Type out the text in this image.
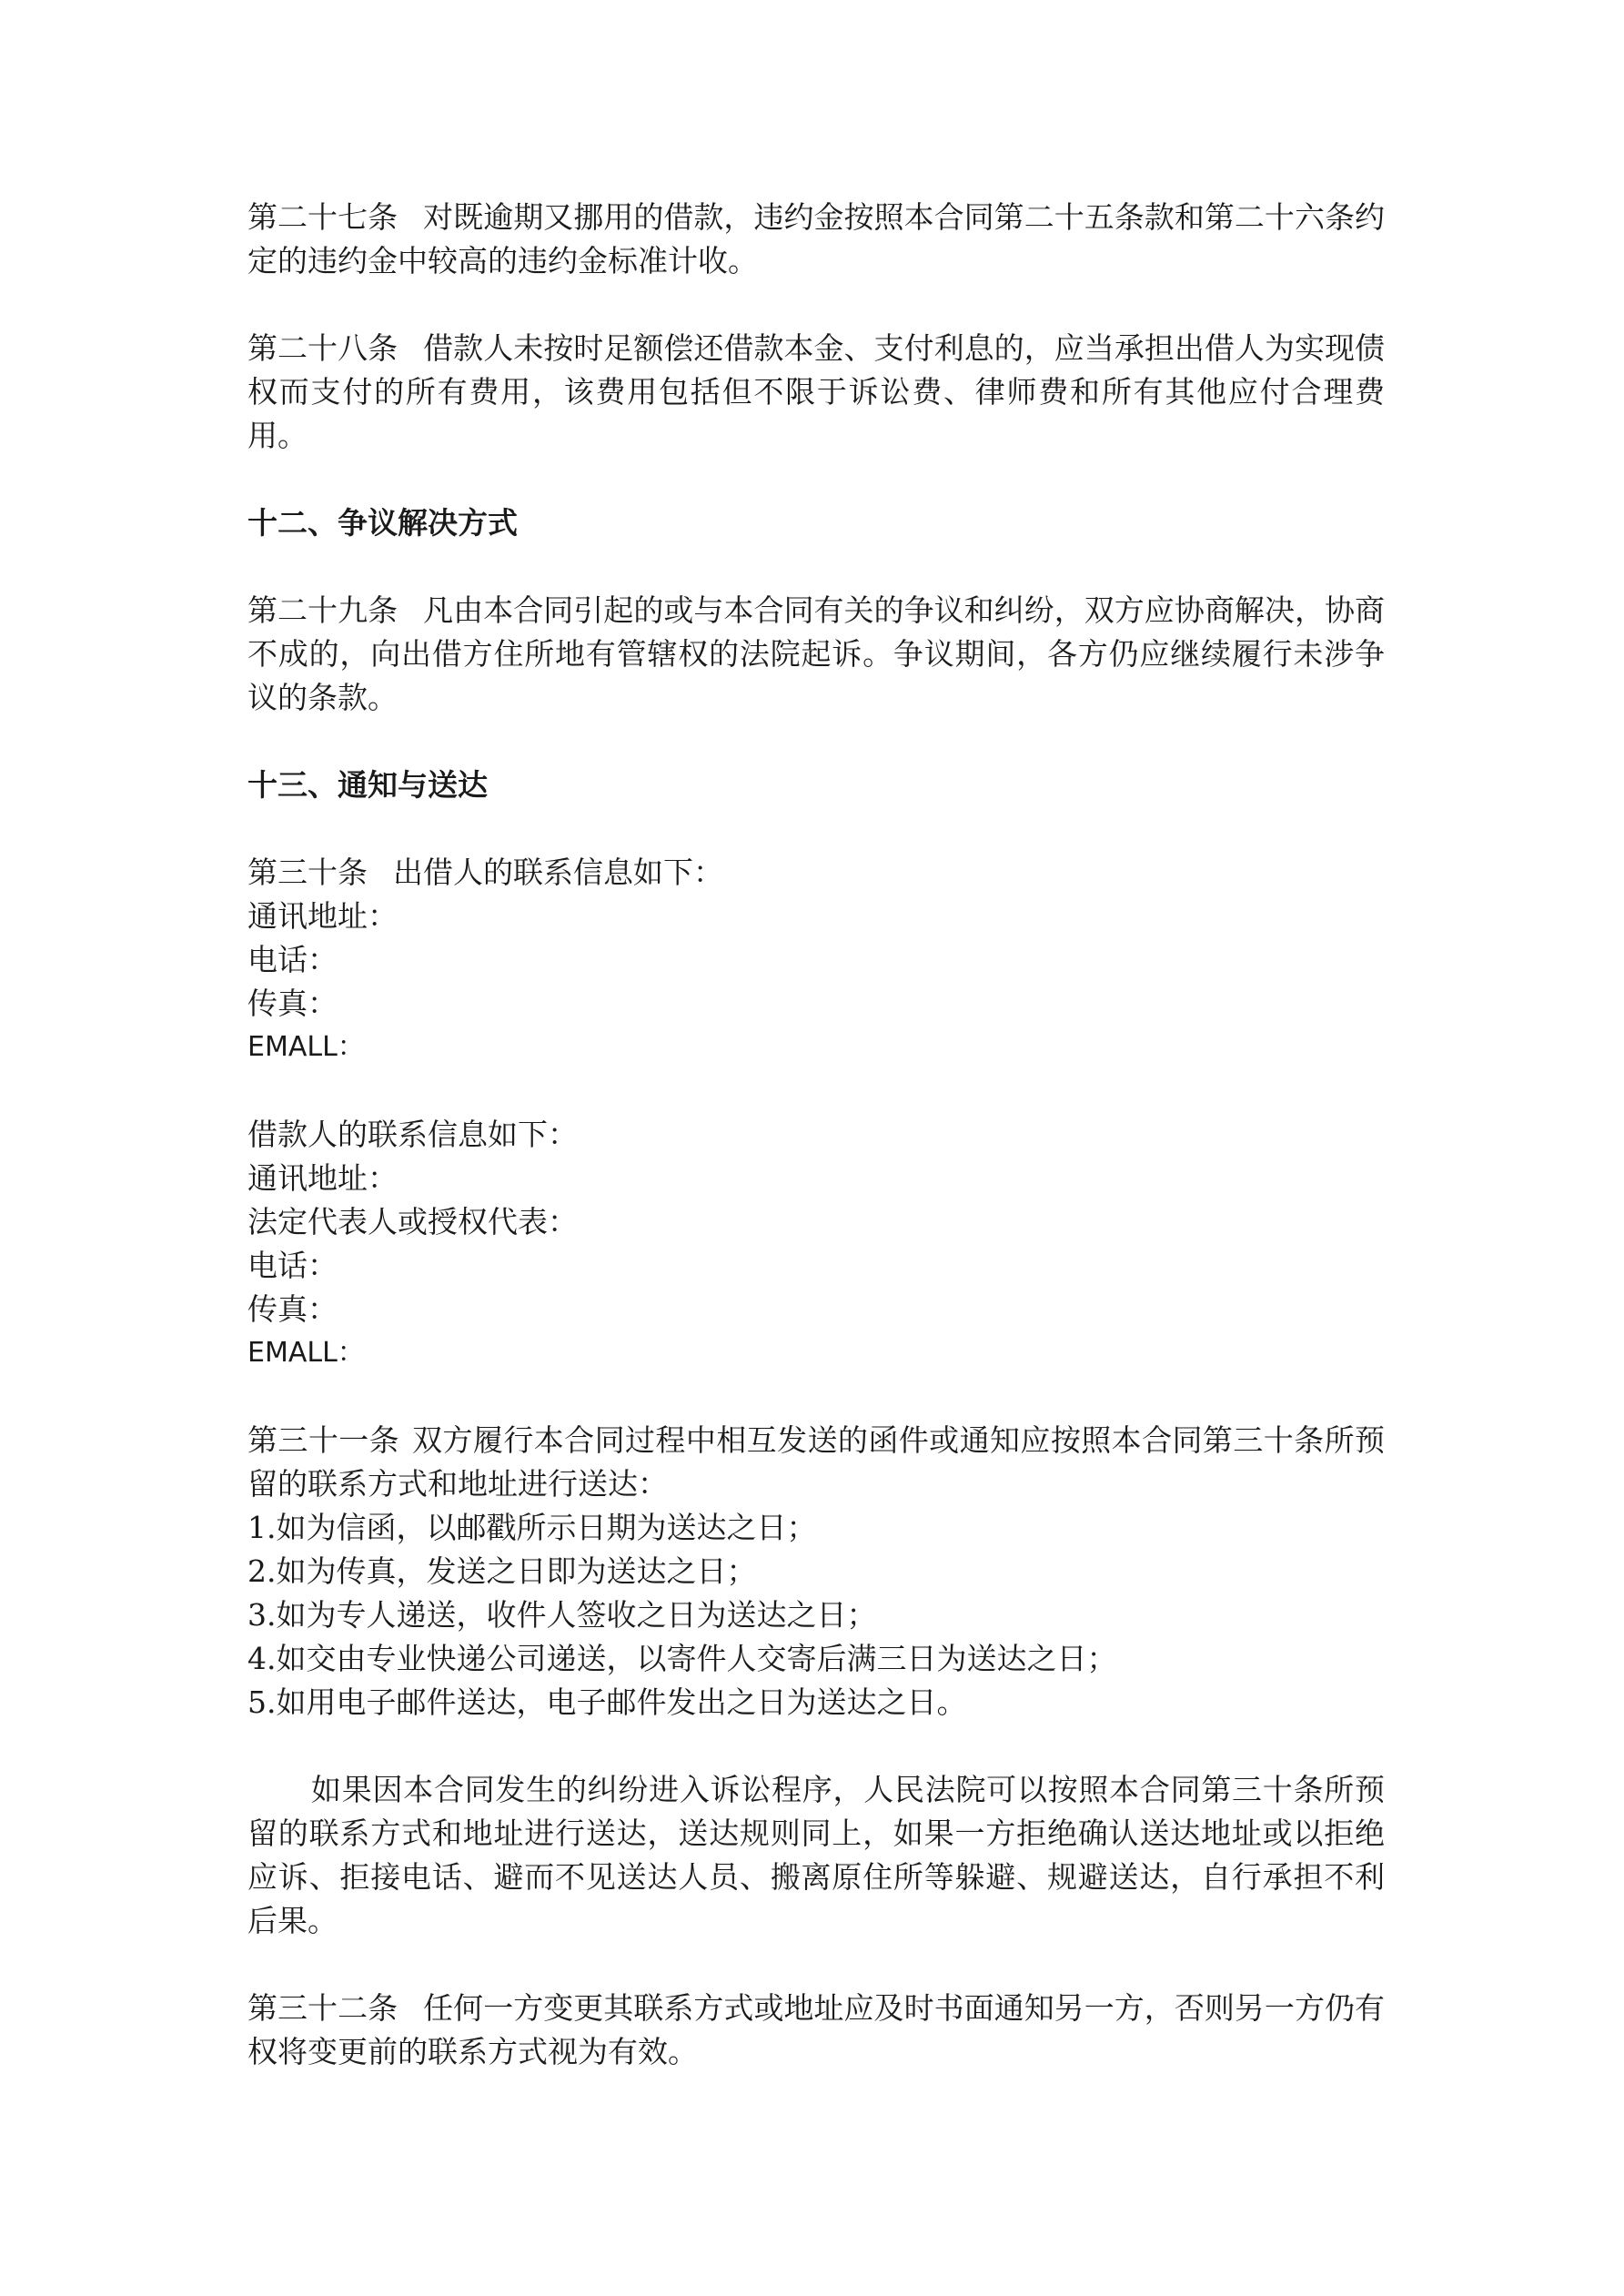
第二十七条 对既逾期又挪用的借款，违约金按照本合同第二十五条款和第二十六条约定的违约金中较高的违约金标准计收。

第二十八条 借款人未按时足额偿还借款本金、支付利息的，应当承担出借人为实现债权而支付的所有费用，该费用包括但不限于诉讼费、律师费和所有其他应付合理费用。

十二、争议解决方式

第二十九条 凡由本合同引起的或与本合同有关的争议和纠纷，双方应协商解决，协商不成的，向出借方住所地有管辖权的法院起诉。争议期间，各方仍应继续履行未涉争议的条款。

十三、通知与送达
第三十条 出借人的联系信息如下：
通讯地址：
电话：
传真：
EMALL：
借款人的联系信息如下：
通讯地址：
法定代表人或授权代表：
电话：
传真：
EMALL：

第三十一条 双方履行本合同过程中相互发送的函件或通知应按照本合同第三十条所预留的联系方式和地址进行送达：

1.如为信函，以邮戳所示日期为送达之日；
2.如为传真，发送之日即为送达之日；
3.如为专人递送，收件人签收之日为送达之日；
4.如交由专业快递公司递送，以寄件人交寄后满三日为送达之日；
5.如用电子邮件送达，电子邮件发出之日为送达之日。

如果因本合同发生的纠纷进入诉讼程序，人民法院可以按照本合同第三十条所预留的联系方式和地址进行送达，送达规则同上，如果一方拒绝确认送达地址或以拒绝应诉、拒接电话、避而不见送达人员、搬离原住所等躲避、规避送达，自行承担不利后果。

第三十二条 任何一方变更其联系方式或地址应及时书面通知另一方，否则另一方仍有权将变更前的联系方式视为有效。
